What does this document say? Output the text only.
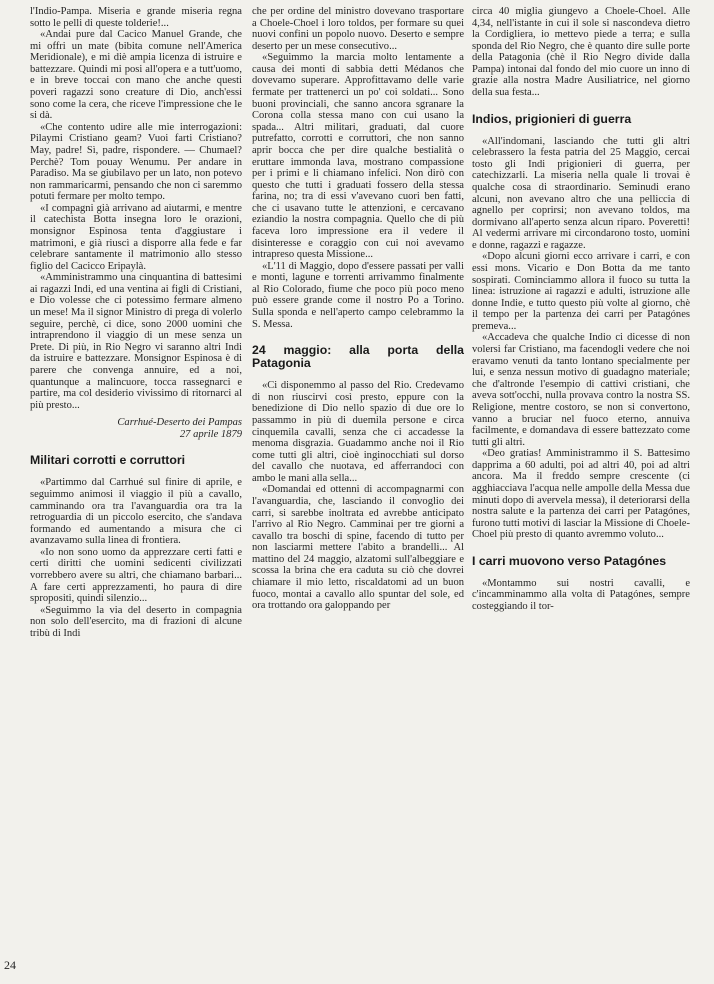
l'Indio-Pampa. Miseria e grande miseria regna sotto le pelli di queste tolderie!...

«Andai pure dal Cacico Manuel Grande, che mi offri un mate (bibita comune nell'America Meridionale), e mi diè ampia licenza di istruire e battezzare. Quindi mi posi all'opera e a tutt'uomo, e in breve toccai con mano che anche questi poveri ragazzi sono creature di Dio, anch'essi sono come la cera, che riceve l'impressione che le si dà.

«Che contento udire alle mie interrogazioni: Pilaymi Cristiano geam? Vuoi farti Cristiano? May, padre! Sì, padre, rispondere. — Chumael? Perchè? Tom pouay Wenumu. Per andare in Paradiso. Ma se giubilavo per un lato, non potevo non rammaricarmi, pensando che non ci saremmo potuti fermare per molto tempo.

«I compagni già arrivano ad aiutarmi, e mentre il catechista Botta insegna loro le orazioni, monsignor Espinosa tenta d'aggiustare i matrimoni, e già riuscì a disporre alla fede e far celebrare santamente il matrimonio allo stesso figlio del Cacicco Eripaylà.

«Amministrammo una cinquantina di battesimi ai ragazzi Indi, ed una ventina ai figli di Cristiani, e Dio volesse che ci potessimo fermare almeno un mese! Ma il signor Ministro di prega di volerlo seguire, perchè, ci dice, sono 2000 uomini che intraprendono il viaggio di un mese senza un Prete. Di più, in Rio Negro vi saranno altri Indi da istruire e battezzare. Monsignor Espinosa è di parere che convenga annuire, ed a noi, quantunque a malincuore, tocca rassegnarci e partire, ma col desiderio vivissimo di ritornarci al più presto...

Carrhué-Deserto dei Pampas

27 aprile 1879

Militari corrotti e corruttori

«Partimmo dal Carrhué sul finire di aprile, e seguimmo animosi il viaggio il più a cavallo, camminando ora tra l'avanguardia ora tra la retroguardia di un piccolo esercito, che s'andava formando ed aumentando a misura che ci avanzavamo sulla linea di frontiera.

«Io non sono uomo da apprezzare certi fatti e certi diritti che uomini sedicenti civilizzati vorrebbero avere su altri, che chiamano barbari... A fare certi apprezzamenti, ho paura di dire spropositi, quindi silenzio...

«Seguimmo la via del deserto in compagnia non solo dell'esercito, ma di frazioni di alcune tribù di Indi

che per ordine del ministro dovevano trasportare a Choele-Choel i loro toldos, per formare su quei nuovi confini un popolo nuovo. Deserto e sempre deserto per un mese consecutivo...

«Seguimmo la marcia molto lentamente a causa dei monti di sabbia detti Médanos che dovevamo superare. Approfittavamo delle varie fermate per trattenerci un po' coi soldati... Sono buoni provinciali, che sanno ancora sgranare la Corona colla stessa mano con cui usano la spada... Altri militari, graduati, dal cuore putrefatto, corrotti e corruttori, che non sanno aprir bocca che per dire qualche bestialità o eruttare immonda lava, mostrano compassione per i primi e li chiamano infelici. Non dirò con questo che tutti i graduati fossero della stessa farina, no; tra di essi v'avevano cuori ben fatti, che ci usavano tutte le attenzioni, e cercavano eziandio la nostra compagnia. Quello che di più faceva loro impressione era il vedere il disinteresse e coraggio con cui noi avevamo intrapreso questa Missione...

«L'11 di Maggio, dopo d'essere passati per valli e monti, lagune e torrenti arrivammo finalmente al Rio Colorado, fiume che poco più poco meno può essere grande come il nostro Po a Torino. Sulla sponda e nell'aperto campo celebrammo la S. Messa.

24 maggio: alla porta della Patagonia

«Ci disponemmo al passo del Rio. Credevamo di non riuscirvi così presto, eppure con la benedizione di Dio nello spazio di due ore lo passammo in più di duemila persone e circa cinquemila cavalli, senza che ci accadesse la menoma disgrazia. Guadammo anche noi il Rio come tutti gli altri, cioè inginocchiati sul dorso del cavallo che nuotava, ed afferrandoci con ambo le mani alla sella...

«Domandai ed ottenni di accompagnarmi con l'avanguardia, che, lasciando il convoglio dei carri, si sarebbe inoltrata ed avrebbe anticipato l'arrivo al Rio Negro. Camminai per tre giorni a cavallo tra boschi di spine, facendo di tutto per non lasciarmi mettere l'abito a brandelli... Al mattino del 24 maggio, alzatomi sull'albeggiare e scossa la brina che era caduta su ciò che dovrei chiamare il mio letto, riscaldatomi ad un buon fuoco, montai a cavallo allo spuntar del sole, ed ora trottando ora galoppando per

circa 40 miglia giungevo a Choele-Choel. Alle 4,34, nell'istante in cui il sole si nascondeva dietro la Cordigliera, io mettevo piede a terra; e sulla sponda del Rio Negro, che è quanto dire sulle porte della Patagonia (chè il Rio Negro divide dalla Pampa) intonai dal fondo del mio cuore un inno di grazie alla nostra Madre Ausiliatrice, nel giorno della sua festa...

Indios, prigionieri di guerra

«All'indomani, lasciando che tutti gli altri celebrassero la festa patria del 25 Maggio, cercai tosto gli Indi prigionieri di guerra, per catechizzarli. La miseria nella quale li trovai è qualche cosa di straordinario. Seminudi erano alcuni, non avevano altro che una pelliccia di agnello per coprirsi; non avevano toldos, ma dormivano all'aperto senza alcun riparo. Poveretti! Al vedermi arrivare mi circondarono tosto, uomini e donne, ragazzi e ragazze.

«Dopo alcuni giorni ecco arrivare i carri, e con essi mons. Vicario e Don Botta da me tanto sospirati. Cominciammo allora il fuoco su tutta la linea: istruzione ai ragazzi e adulti, istruzione alle donne Indie, e tutto questo più volte al giorno, chè il tempo per la partenza dei carri per Patagónes premeva...

«Accadeva che qualche Indio ci dicesse di non volersi far Cristiano, ma facendogli vedere che noi eravamo venuti da tanto lontano specialmente per lui, e senza nessun motivo di guadagno materiale; che d'altronde l'esempio di cattivi cristiani, che aveva sott'occhi, nulla provava contro la nostra SS. Religione, mentre costoro, se non si convertono, vanno a bruciar nel fuoco eterno, annuiva facilmente, e domandava di essere battezzato come tutti gli altri.

«Deo gratias! Amministrammo il S. Battesimo dapprima a 60 adulti, poi ad altri 40, poi ad altri ancora. Ma il freddo sempre crescente (ci agghiacciava l'acqua nelle ampolle della Messa due minuti dopo di avervela messa), il deteriorarsi della nostra salute e la partenza dei carri per Patagónes, furono tutti motivi di lasciar la Missione di Choele-Choel più presto di quanto avremmo voluto...

I carri muovono verso Patagónes

«Montammo sui nostri cavalli, e c'incamminammo alla volta di Patagónes, sempre costeggiando il tor-

24
